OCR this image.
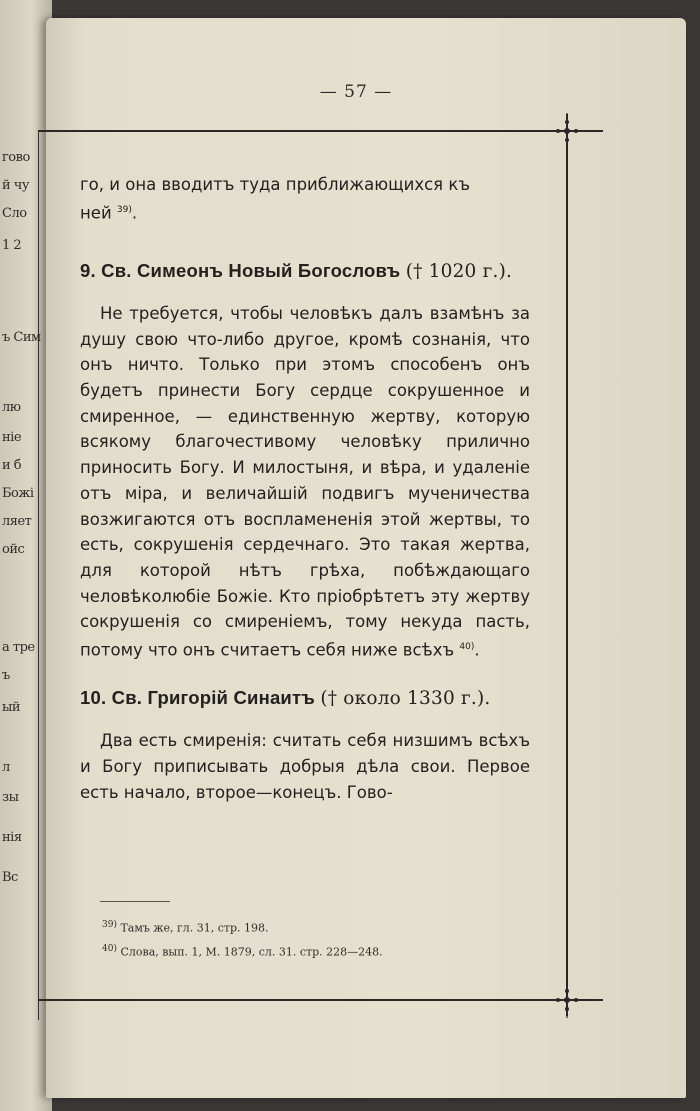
гово
й чу
Сло
1 2
ъ Сим
лю
ніе
и б
Божі
ляет
ойс
а тре
ъ
ый
л
зы
нія
Вс
— 57 —

го, и она вводитъ туда приближающихся къ
ней $^{39)}$.

9. Св. Симеонъ Новый Богословъ († 1020 г.).

Не требуется, чтобы человѣкъ далъ взамѣнъ за душу свою что-либо другое, кромѣ сознанія, что онъ ничто. Только при этомъ способенъ онъ будетъ принести Богу сердце сокрушенное и смиренное, — единственную жертву, которую всякому благочестивому человѣку прилично приносить Богу. И милостыня, и вѣра, и удаленіе отъ міра, и величайшій подвигъ мученичества возжигаются отъ воспламененія этой жертвы, то есть, сокрушенія сердечнаго. Это такая жертва, для которой нѣтъ грѣха, побѣждающаго человѣколюбіе Божіе. Кто пріобрѣтетъ эту жертву сокрушенія со смиреніемъ, тому некуда пасть, потому что онъ считаетъ себя ниже всѣхъ $^{40)}$.

10. Св. Григорій Синаитъ († около 1330 г.).

Два есть смиренія: считать себя низшимъ всѣхъ и Богу приписывать добрыя дѣла свои. Первое есть начало, второе—конецъ. Гово-

$^{39)}$ Тамъ же, гл. 31, стр. 198.
$^{40)}$ Слова, вып. 1, М. 1879, сл. 31. стр. 228—248.
